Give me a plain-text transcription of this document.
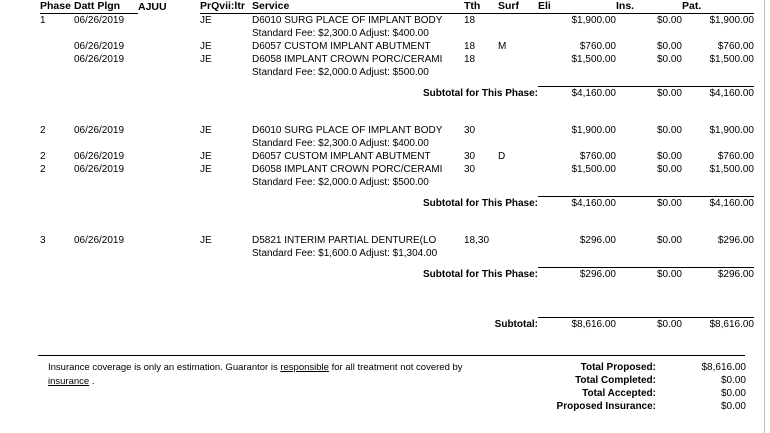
Phase	Datt Plgn	AJUU	PrQvii:ltr	Service	Tth	Surf	Eli	Ins.	Pat.
1	06/26/2019		JE	D6010 SURG PLACE OF IMPLANT BODY	18		$1,900.00	$0.00	$1,900.00
				Standard Fee: $2,300.0 Adjust: $400.00					
	06/26/2019		JE	D6057 CUSTOM IMPLANT ABUTMENT	18	M	$760.00	$0.00	$760.00
	06/26/2019		JE	D6058 IMPLANT CROWN PORC/CERAMI	18		$1,500.00	$0.00	$1,500.00
				Standard Fee: $2,000.0 Adjust: $500.00					

Subtotal for This Phase:							$4,160.00	$0.00	$4,160.00

2	06/26/2019		JE	D6010 SURG PLACE OF IMPLANT BODY	30		$1,900.00	$0.00	$1,900.00
				Standard Fee: $2,300.0 Adjust: $400.00					
2	06/26/2019		JE	D6057 CUSTOM IMPLANT ABUTMENT	30	D	$760.00	$0.00	$760.00
2	06/26/2019		JE	D6058 IMPLANT CROWN PORC/CERAMI	30		$1,500.00	$0.00	$1,500.00
				Standard Fee: $2,000.0 Adjust: $500.00					

Subtotal for This Phase:							$4,160.00	$0.00	$4,160.00

3	06/26/2019		JE	D5821 INTERIM PARTIAL DENTURE(LO	18,30		$296.00	$0.00	$296.00
				Standard Fee: $1,600.0 Adjust: $1,304.00					

Subtotal for This Phase:							$296.00	$0.00	$296.00

Subtotal:							$8,616.00	$0.00	$8,616.00
Insurance coverage is only an estimation. Guarantor is responsible for all treatment not covered by
insurance .
Total Proposed:	$8,616.00
Total Completed:	$0.00
Total Accepted:	$0.00
Proposed Insurance:	$0.00
